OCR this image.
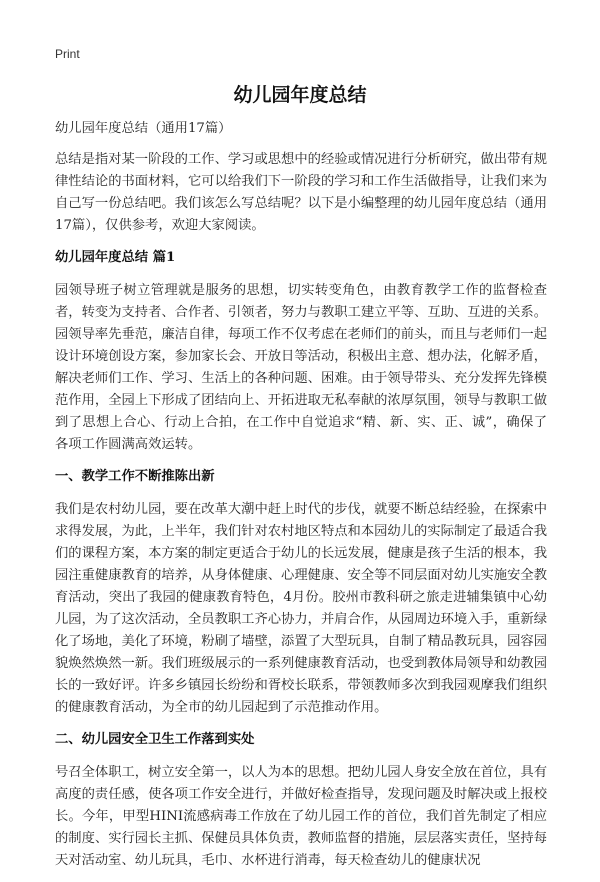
Print
幼儿园年度总结

幼儿园年度总结（通用17篇）

总结是指对某一阶段的工作、学习或思想中的经验或情况进行分析研究，做出带有规律性结论的书面材料，它可以给我们下一阶段的学习和工作生活做指导，让我们来为自己写一份总结吧。我们该怎么写总结呢？以下是小编整理的幼儿园年度总结（通用17篇），仅供参考，欢迎大家阅读。

幼儿园年度总结 篇1

园领导班子树立管理就是服务的思想，切实转变角色，由教育教学工作的监督检查者，转变为支持者、合作者、引领者，努力与教职工建立平等、互助、互进的关系。园领导率先垂范，廉洁自律，每项工作不仅考虑在老师们的前头，而且与老师们一起设计环境创设方案，参加家长会、开放日等活动，积极出主意、想办法，化解矛盾，解决老师们工作、学习、生活上的各种问题、困难。由于领导带头、充分发挥先锋模范作用，全园上下形成了团结向上、开拓进取无私奉献的浓厚氛围，领导与教职工做到了思想上合心、行动上合拍，在工作中自觉追求“精、新、实、正、诚”，确保了各项工作圆满高效运转。

一、教学工作不断推陈出新

我们是农村幼儿园，要在改革大潮中赶上时代的步伐，就要不断总结经验，在探索中求得发展，为此，上半年，我们针对农村地区特点和本园幼儿的实际制定了最适合我们的课程方案，本方案的制定更适合于幼儿的长远发展，健康是孩子生活的根本，我园注重健康教育的培养，从身体健康、心理健康、安全等不同层面对幼儿实施安全教育活动，突出了我园的健康教育特色，4月份。胶州市教科研之旅走进辅集镇中心幼儿园，为了这次活动，全员教职工齐心协力，并肩合作，从园周边环境入手，重新绿化了场地，美化了环境，粉刷了墙壁，添置了大型玩具，自制了精品教玩具，园容园貌焕然焕然一新。我们班级展示的一系列健康教育活动，也受到教体局领导和幼教园长的一致好评。许多乡镇园长纷纷和胥校长联系，带领教师多次到我园观摩我们组织的健康教育活动，为全市的幼儿园起到了示范推动作用。

二、幼儿园安全卫生工作落到实处

号召全体职工，树立安全第一，以人为本的思想。把幼儿园人身安全放在首位，具有高度的责任感，使各项工作安全进行，并做好检查指导，发现问题及时解决或上报校长。今年，甲型HINI流感病毒工作放在了幼儿园工作的首位，我们首先制定了相应的制度、实行园长主抓、保健员具体负责，教师监督的措施，层层落实责任，坚持每天对活动室、幼儿玩具，毛巾、水杯进行消毒，每天检查幼儿的健康状况
